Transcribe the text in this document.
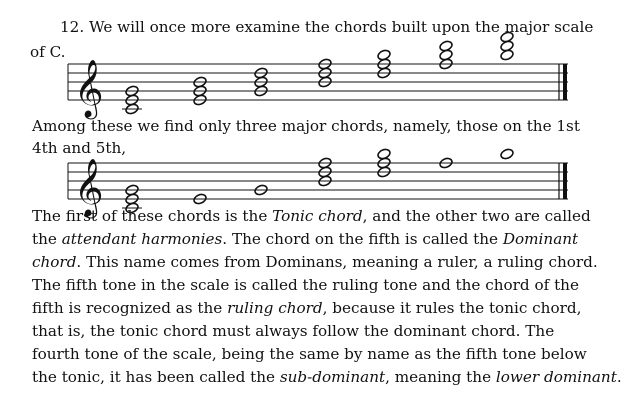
12. We will once more examine the chords built upon the major scale
of C.
Among these we find only three major chords, namely, those on the 1st
4th and 5th,
The first of these chords is the Tonic chord, and the other two are called
the attendant harmonies. The chord on the fifth is called the Dominant
chord. This name comes from Dominans, meaning a ruler, a ruling chord.
The fifth tone in the scale is called the ruling tone and the chord of the
fifth is recognized as the ruling chord, because it rules the tonic chord,
that is, the tonic chord must always follow the dominant chord. The
fourth tone of the scale, being the same by name as the fifth tone below
the tonic, it has been called the sub-dominant, meaning the lower dominant.
𝄞
𝄞
